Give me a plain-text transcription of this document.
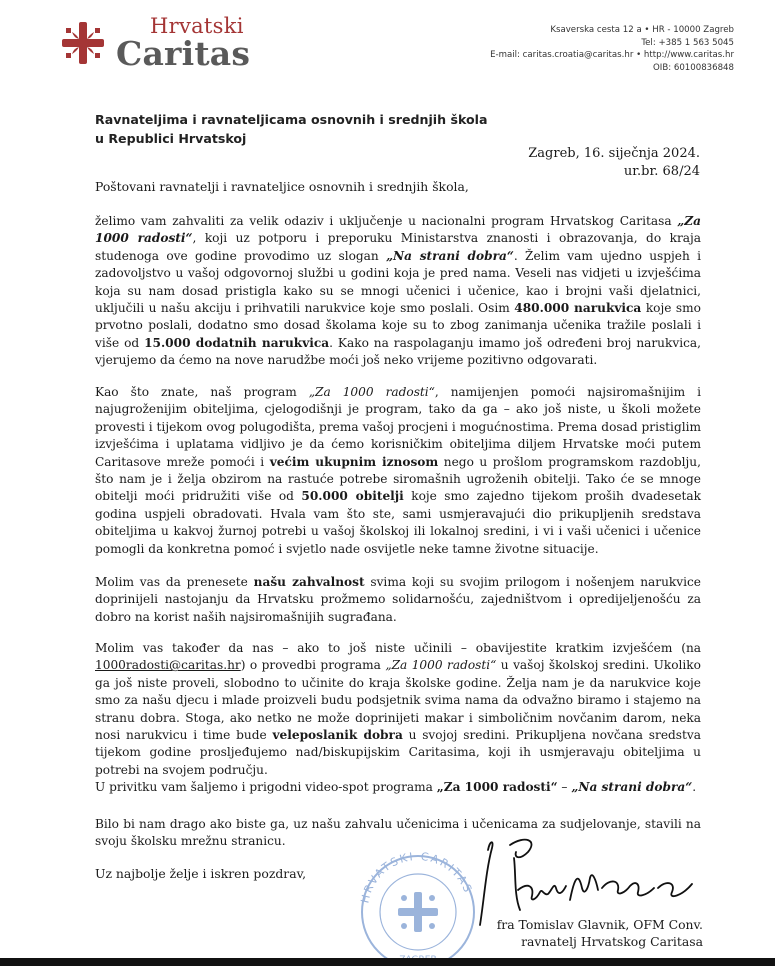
Hrvatski
Caritas
Ksaverska cesta 12 a • HR - 10000 Zagreb
Tel: +385 1 563 5045
E-mail: caritas.croatia@caritas.hr • http://www.caritas.hr
OIB: 60100836848
Ravnateljima i ravnateljicama osnovnih i srednjih škola
u Republici Hrvatskoj
Zagreb, 16. siječnja 2024.
ur.br. 68/24
Poštovani ravnatelji i ravnateljice osnovnih i srednjih škola,

želimo vam zahvaliti za velik odaziv i uključenje u nacionalni program Hrvatskog Caritasa „Za 1000 radosti“, koji uz potporu i preporuku Ministarstva znanosti i obrazovanja, do kraja studenoga ove godine provodimo uz slogan „Na strani dobra“. Želim vam ujedno uspjeh i zadovoljstvo u vašoj odgovornoj službi u godini koja je pred nama. Veseli nas vidjeti u izvješćima koja su nam dosad pristigla kako su se mnogi učenici i učenice, kao i brojni vaši djelatnici, uključili u našu akciju i prihvatili narukvice koje smo poslali. Osim 480.000 narukvica koje smo prvotno poslali, dodatno smo dosad školama koje su to zbog zanimanja učenika tražile poslali i više od 15.000 dodatnih narukvica. Kako na raspolaganju imamo još određeni broj narukvica, vjerujemo da ćemo na nove narudžbe moći još neko vrijeme pozitivno odgovarati.

Kao što znate, naš program „Za 1000 radosti“, namijenjen pomoći najsiromašnijim i najugroženijim obiteljima, cjelogodišnji je program, tako da ga – ako još niste, u školi možete provesti i tijekom ovog polugodišta, prema vašoj procjeni i mogućnostima. Prema dosad pristiglim izvješćima i uplatama vidljivo je da ćemo korisničkim obiteljima diljem Hrvatske moći putem Caritasove mreže pomoći i većim ukupnim iznosom nego u prošlom programskom razdoblju, što nam je i želja obzirom na rastuće potrebe siromašnih ugroženih obitelji. Tako će se mnoge obitelji moći pridružiti više od 50.000 obitelji koje smo zajedno tijekom proših dvadesetak godina uspjeli obradovati. Hvala vam što ste, sami usmjeravajući dio prikupljenih sredstava obiteljima u kakvoj žurnoj potrebi u vašoj školskoj ili lokalnoj sredini, i vi i vaši učenici i učenice pomogli da konkretna pomoć i svjetlo nade osvijetle neke tamne životne situacije.

Molim vas da prenesete našu zahvalnost svima koji su svojim prilogom i nošenjem narukvice doprinijeli nastojanju da Hrvatsku prožmemo solidarnošću, zajedništvom i opredijeljenošću za dobro na korist naših najsiromašnijih sugrađana.

Molim vas također da nas – ako to još niste učinili – obavijestite kratkim izvješćem (na 1000radosti@caritas.hr) o provedbi programa „Za 1000 radosti“ u vašoj školskoj sredini. Ukoliko ga još niste proveli, slobodno to učinite do kraja školske godine. Želja nam je da narukvice koje smo za našu djecu i mlade proizveli budu podsjetnik svima nama da odvažno biramo i stajemo na stranu dobra. Stoga, ako netko ne može doprinijeti makar i simboličnim novčanim darom, neka nosi narukvicu i time bude veleposlanik dobra u svojoj sredini. Prikupljena novčana sredstva tijekom godine prosljeđujemo nad/biskupijskim Caritasima, koji ih usmjeravaju obiteljima u potrebi na svojem području.
U privitku vam šaljemo i prigodni video-spot programa „Za 1000 radosti“ – „Na strani dobra“.

Bilo bi nam drago ako biste ga, uz našu zahvalu učenicima i učenicama za sudjelovanje, stavili na svoju školsku mrežnu stranicu.

Uz najbolje želje i iskren pozdrav,
HRVATSKI CARITAS
fra Tomislav Glavnik, OFM Conv.
ravnatelj Hrvatskog Caritasa
